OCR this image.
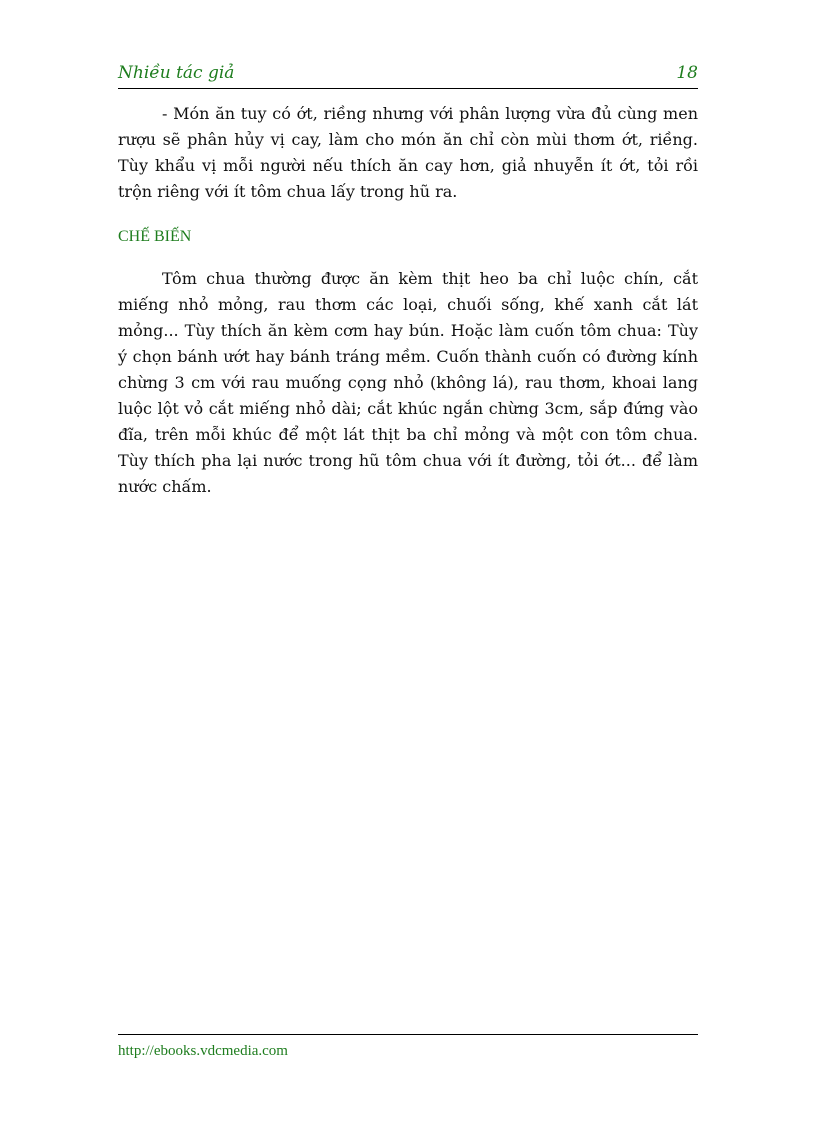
Nhiều tác giả	18

- Món ăn tuy có ớt, riềng nhưng với phân lượng vừa đủ cùng men rượu sẽ phân hủy vị cay, làm cho món ăn chỉ còn mùi thơm ớt, riềng. Tùy khẩu vị mỗi người nếu thích ăn cay hơn, giả nhuyễn ít ớt, tỏi rồi trộn riêng với ít tôm chua lấy trong hũ ra.

CHẾ BIẾN

Tôm chua thường được ăn kèm thịt heo ba chỉ luộc chín, cắt miếng nhỏ mỏng, rau thơm các loại, chuối sống, khế xanh cắt lát mỏng... Tùy thích ăn kèm cơm hay bún. Hoặc làm cuốn tôm chua: Tùy ý chọn bánh ướt hay bánh tráng mềm. Cuốn thành cuốn có đường kính chừng 3 cm với rau muống cọng nhỏ (không lá), rau thơm, khoai lang luộc lột vỏ cắt miếng nhỏ dài; cắt khúc ngắn chừng 3cm, sắp đứng vào đĩa, trên mỗi khúc để một lát thịt ba chỉ mỏng và một con tôm chua. Tùy thích pha lại nước trong hũ tôm chua với ít đường, tỏi ớt... để làm nước chấm.

http://ebooks.vdcmedia.com
